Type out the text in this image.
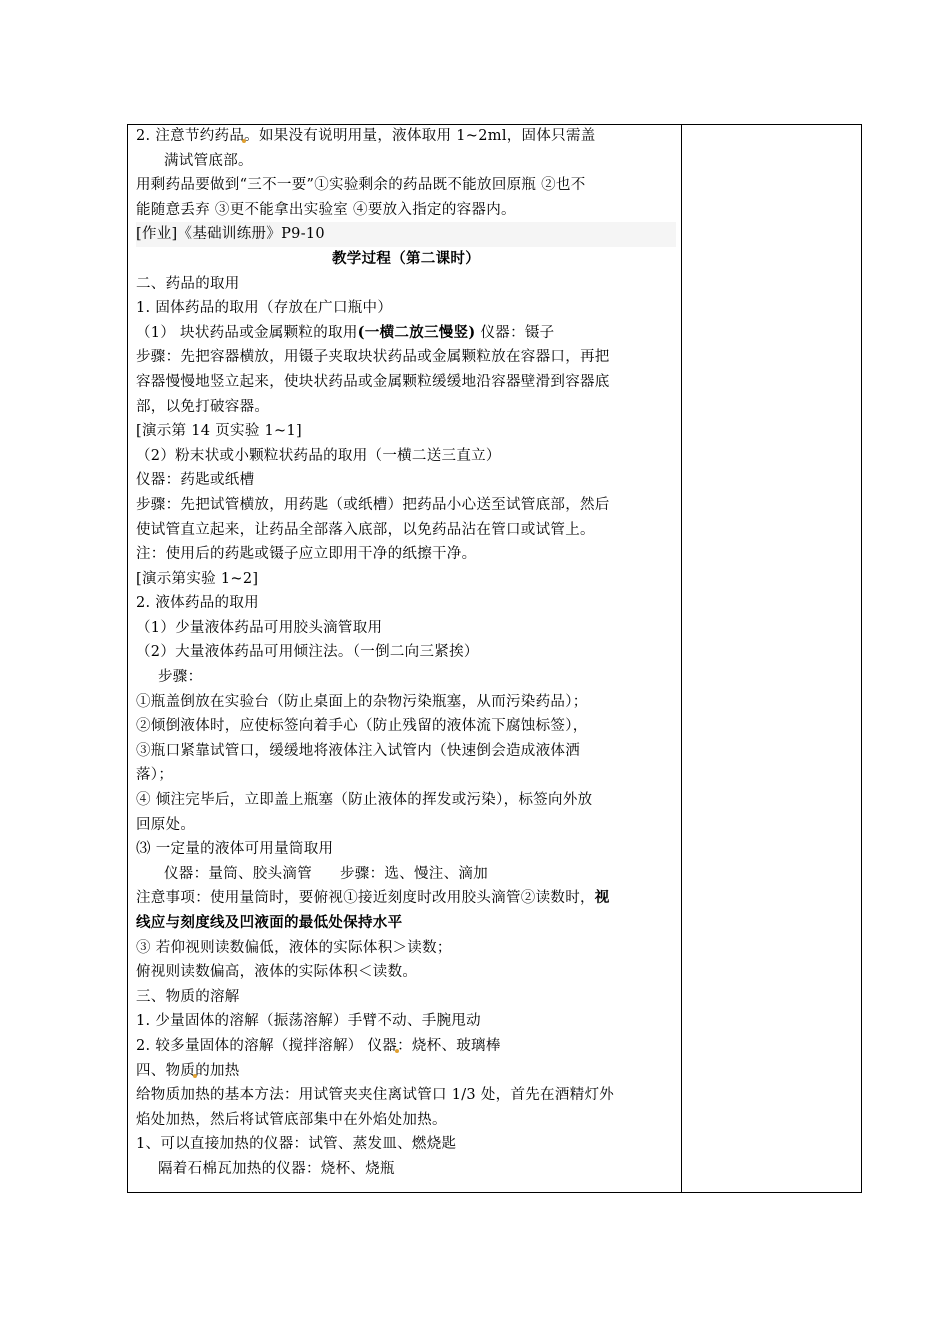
2. 注意节约药品。如果没有说明用量，液体取用 1~2ml，固体只需盖

满试管底部。

用剩药品要做到“三不一要”①实验剩余的药品既不能放回原瓶 ②也不

能随意丢弃 ③更不能拿出实验室 ④要放入指定的容器内。

[作业]《基础训练册》P9-10

教学过程（第二课时）

二、药品的取用

1. 固体药品的取用（存放在广口瓶中）

（1） 块状药品或金属颗粒的取用(一横二放三慢竖) 仪器：镊子

步骤：先把容器横放，用镊子夹取块状药品或金属颗粒放在容器口，再把

容器慢慢地竖立起来，使块状药品或金属颗粒缓缓地沿容器壁滑到容器底

部，以免打破容器。

[演示第 14 页实验 1~1]

（2）粉末状或小颗粒状药品的取用（一横二送三直立）

仪器：药匙或纸槽

步骤：先把试管横放，用药匙（或纸槽）把药品小心送至试管底部，然后

使试管直立起来，让药品全部落入底部，以免药品沾在管口或试管上。

注：使用后的药匙或镊子应立即用干净的纸擦干净。

[演示第实验 1~2]

2. 液体药品的取用

（1）少量液体药品可用胶头滴管取用

（2）大量液体药品可用倾注法。（一倒二向三紧挨）

步骤：

①瓶盖倒放在实验台（防止桌面上的杂物污染瓶塞，从而污染药品）；

②倾倒液体时，应使标签向着手心（防止残留的液体流下腐蚀标签），

③瓶口紧靠试管口，缓缓地将液体注入试管内（快速倒会造成液体洒

落）；

④ 倾注完毕后，立即盖上瓶塞（防止液体的挥发或污染），标签向外放

回原处。

⑶ 一定量的液体可用量筒取用

仪器：量筒、胶头滴管 步骤：选、慢注、滴加

注意事项：使用量筒时，要俯视①接近刻度时改用胶头滴管②读数时，视

线应与刻度线及凹液面的最低处保持水平

③ 若仰视则读数偏低，液体的实际体积＞读数；

俯视则读数偏高，液体的实际体积＜读数。

三、物质的溶解

1. 少量固体的溶解（振荡溶解）手臂不动、手腕甩动

2. 较多量固体的溶解（搅拌溶解） 仪器：烧杯、玻璃棒

四、物质的加热

给物质加热的基本方法：用试管夹夹住离试管口 1/3 处，首先在酒精灯外

焰处加热，然后将试管底部集中在外焰处加热。

1、可以直接加热的仪器：试管、蒸发皿、燃烧匙

隔着石棉瓦加热的仪器：烧杯、烧瓶
